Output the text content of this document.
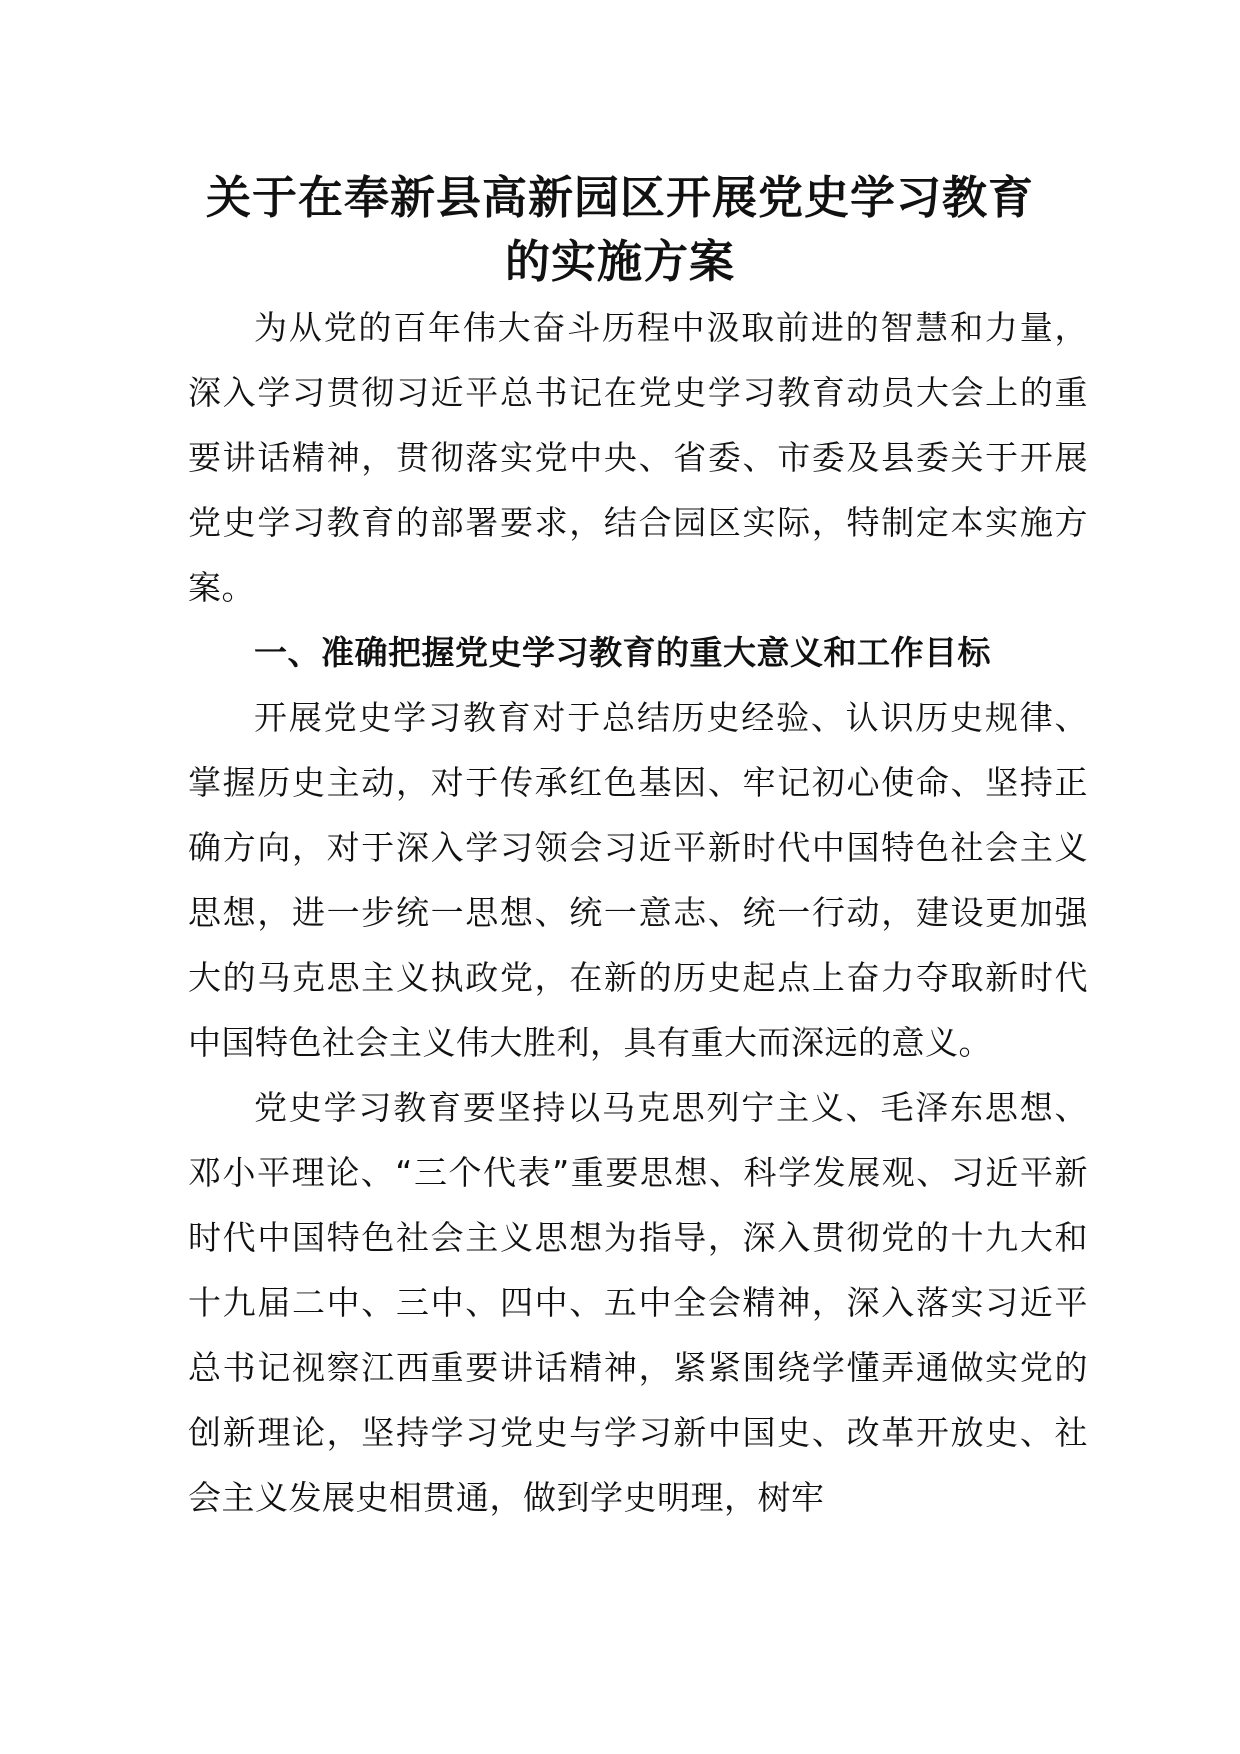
关于在奉新县高新园区开展党史学习教育
的实施方案

为从党的百年伟大奋斗历程中汲取前进的智慧和力量，深入学习贯彻习近平总书记在党史学习教育动员大会上的重要讲话精神，贯彻落实党中央、省委、市委及县委关于开展党史学习教育的部署要求，结合园区实际，特制定本实施方案。

一、准确把握党史学习教育的重大意义和工作目标

开展党史学习教育对于总结历史经验、认识历史规律、掌握历史主动，对于传承红色基因、牢记初心使命、坚持正确方向，对于深入学习领会习近平新时代中国特色社会主义思想，进一步统一思想、统一意志、统一行动，建设更加强大的马克思主义执政党，在新的历史起点上奋力夺取新时代中国特色社会主义伟大胜利，具有重大而深远的意义。

党史学习教育要坚持以马克思列宁主义、毛泽东思想、邓小平理论、“三个代表”重要思想、科学发展观、习近平新时代中国特色社会主义思想为指导，深入贯彻党的十九大和十九届二中、三中、四中、五中全会精神，深入落实习近平总书记视察江西重要讲话精神，紧紧围绕学懂弄通做实党的创新理论，坚持学习党史与学习新中国史、改革开放史、社会主义发展史相贯通，做到学史明理，树牢
